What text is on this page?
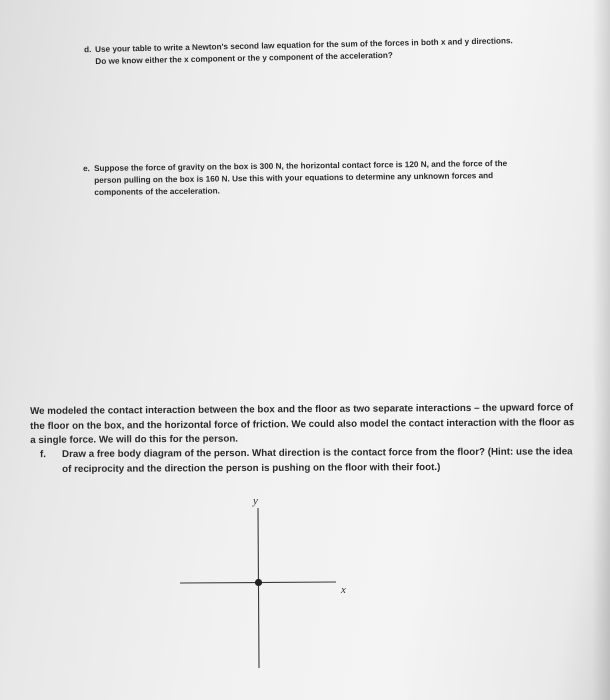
d. Use your table to write a Newton's second law equation for the sum of the forces in both x and y directions. Do we know either the x component or the y component of the acceleration?
e. Suppose the force of gravity on the box is 300 N, the horizontal contact force is 120 N, and the force of the person pulling on the box is 160 N. Use this with your equations to determine any unknown forces and components of the acceleration.
We modeled the contact interaction between the box and the floor as two separate interactions – the upward force of the floor on the box, and the horizontal force of friction. We could also model the contact interaction with the floor as a single force. We will do this for the person.
f. Draw a free body diagram of the person. What direction is the contact force from the floor? (Hint: use the idea of reciprocity and the direction the person is pushing on the floor with their foot.)
y
x
